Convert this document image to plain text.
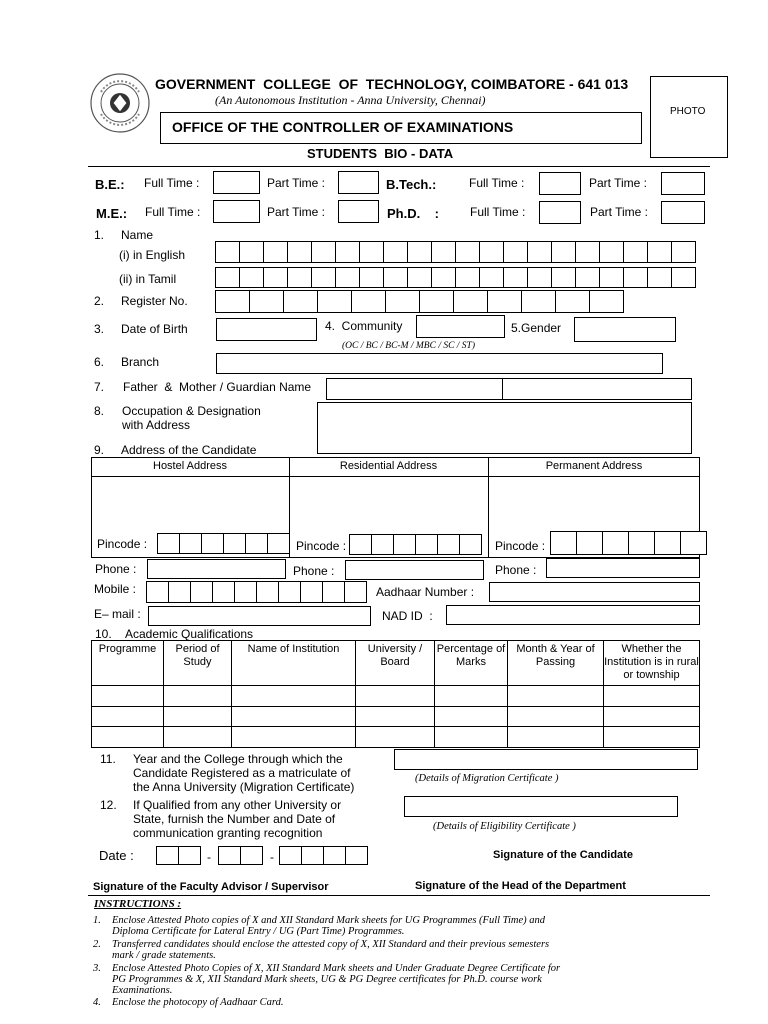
GOVERNMENT  COLLEGE  OF  TECHNOLOGY, COIMBATORE - 641 013
(An Autonomous Institution - Anna University, Chennai)
OFFICE OF THE CONTROLLER OF EXAMINATIONS
PHOTO
STUDENTS  BIO - DATA
B.E.: Full Time :	Part Time :	B.Tech.:	Full Time :	Part Time :
M.E.: Full Time :	Part Time :	Ph.D.    :	Full Time :	Part Time :
1. Name
(i) in English
(ii) in Tamil
2. Register No.
3. Date of Birth	4.  Community	5.Gender
(OC / BC / BC-M / MBC / SC / ST)
6. Branch
7. Father  &  Mother / Guardian Name
8. Occupation & Designation
with Address
9. Address of the Candidate
Hostel Address	Residential Address	Permanent Address
Pincode :	Pincode :	Pincode :
Phone :	Phone :	Phone :
Mobile :	Aadhaar Number :
E– mail :	NAD ID  :
10. Academic Qualifications
Programme	Period of Study	Name of Institution	University / Board	Percentage of Marks	Month & Year of Passing	Whether the Institution is in rural or township

11. Year and the College through which the
Candidate Registered as a matriculate of
the Anna University (Migration Certificate)
(Details of Migration Certificate )
12. If Qualified from any other University or
State, furnish the Number and Date of
communication granting recognition	(Details of Eligibility Certificate )
Date :	-	-	Signature of the Candidate
Signature of the Faculty Advisor / Supervisor	Signature of the Head of the Department
INSTRUCTIONS :
1. Enclose Attested Photo copies of X and XII Standard Mark sheets for UG Programmes (Full Time) and
Diploma Certificate for Lateral Entry / UG (Part Time) Programmes.
2. Transferred candidates should enclose the attested copy of X, XII Standard and their previous semesters
mark / grade statements.
3. Enclose Attested Photo Copies of X, XII Standard Mark sheets and Under Graduate Degree Certificate for
PG Programmes & X, XII Standard Mark sheets, UG & PG Degree certificates for Ph.D. course work
Examinations.
4. Enclose the photocopy of Aadhaar Card.
